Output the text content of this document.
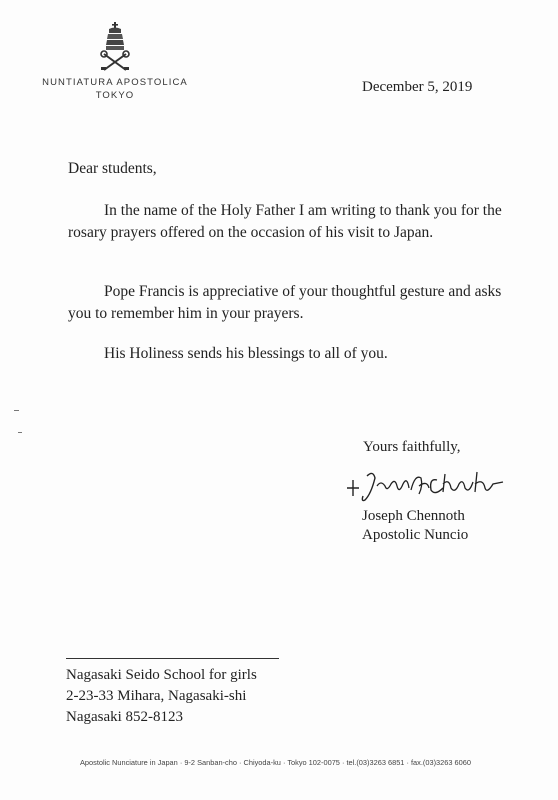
NUNTIATURA APOSTOLICA
TOKYO
December 5, 2019
Dear students,
In the name of the Holy Father I am writing to thank you for the rosary prayers offered on the occasion of his visit to Japan.
Pope Francis is appreciative of your thoughtful gesture and asks you to remember him in your prayers.
His Holiness sends his blessings to all of you.
Yours faithfully,
Joseph Chennoth
Apostolic Nuncio
Nagasaki Seido School for girls
2-23-33 Mihara, Nagasaki-shi
Nagasaki 852-8123
Apostolic Nunciature in Japan · 9-2 Sanban-cho · Chiyoda-ku · Tokyo 102-0075 · tel.(03)3263 6851 · fax.(03)3263 6060
